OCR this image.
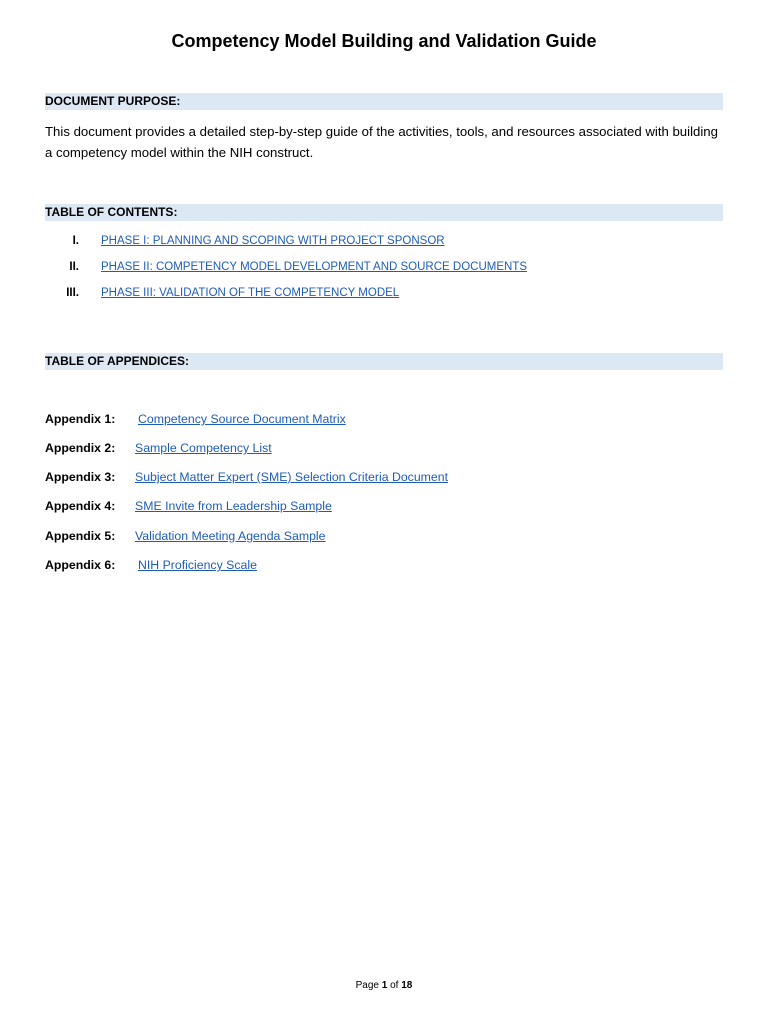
Competency Model Building and Validation Guide
DOCUMENT PURPOSE:
This document provides a detailed step-by-step guide of the activities, tools, and resources associated with building a competency model within the NIH construct.
TABLE OF CONTENTS:
I. PHASE I: PLANNING AND SCOPING WITH PROJECT SPONSOR
II. PHASE II: COMPETENCY MODEL DEVELOPMENT AND SOURCE DOCUMENTS
III. PHASE III: VALIDATION OF THE COMPETENCY MODEL
TABLE OF APPENDICES:
Appendix 1: Competency Source Document Matrix
Appendix 2: Sample Competency List
Appendix 3: Subject Matter Expert (SME) Selection Criteria Document
Appendix 4: SME Invite from Leadership Sample
Appendix 5: Validation Meeting Agenda Sample
Appendix 6: NIH Proficiency Scale
Page 1 of 18
